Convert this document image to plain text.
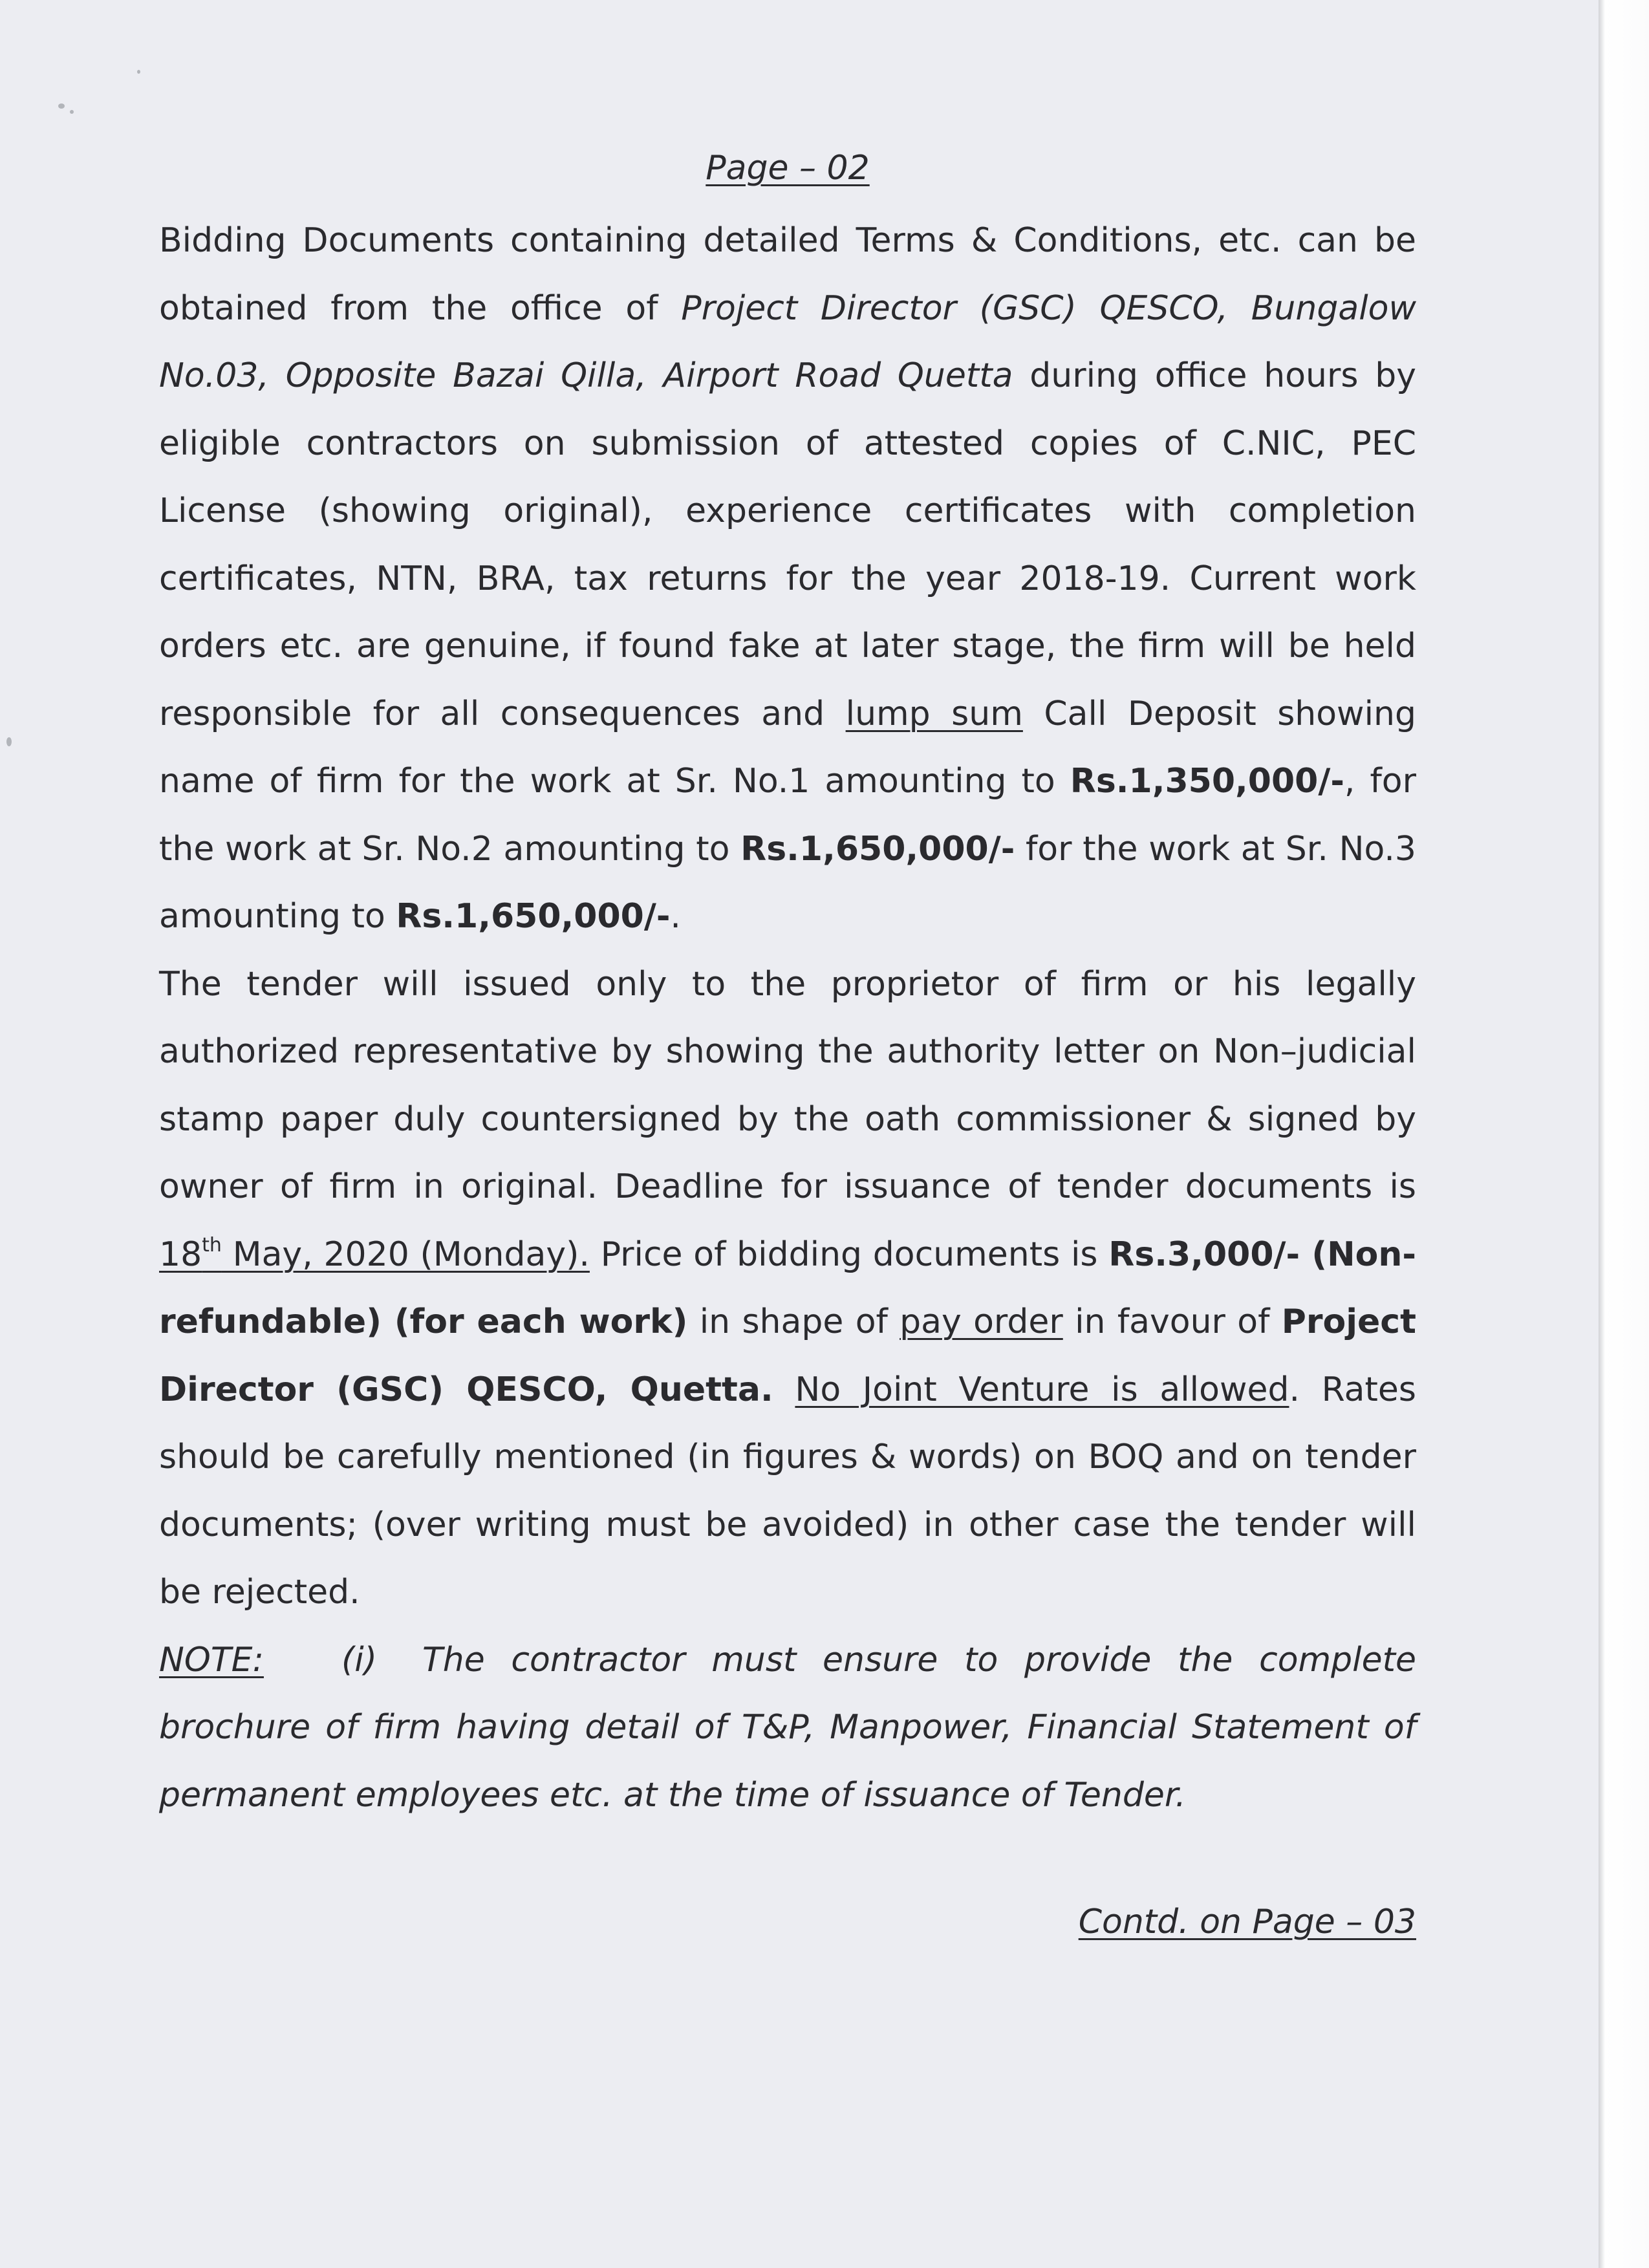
Page – 02

Bidding Documents containing detailed Terms & Conditions, etc. can be obtained from the office of Project Director (GSC) QESCO, Bungalow No.03, Opposite Bazai Qilla, Airport Road Quetta during office hours by eligible contractors on submission of attested copies of C.NIC, PEC License (showing original), experience certificates with completion certificates, NTN, BRA, tax returns for the year 2018-19. Current work orders etc. are genuine, if found fake at later stage, the firm will be held responsible for all consequences and lump sum Call Deposit showing name of firm for the work at Sr. No.1 amounting to Rs.1,350,000/-, for the work at Sr. No.2 amounting to Rs.1,650,000/- for the work at Sr. No.3 amounting to Rs.1,650,000/-.

The tender will issued only to the proprietor of firm or his legally authorized representative by showing the authority letter on Non–judicial stamp paper duly countersigned by the oath commissioner & signed by owner of firm in original. Deadline for issuance of tender documents is 18th May, 2020 (Monday). Price of bidding documents is Rs.3,000/- (Non-refundable) (for each work) in shape of pay order in favour of Project Director (GSC) QESCO, Quetta. No Joint Venture is allowed. Rates should be carefully mentioned (in figures & words) on BOQ and on tender documents; (over writing must be avoided) in other case the tender will be rejected.

NOTE: (i) The contractor must ensure to provide the complete brochure of firm having detail of T&P, Manpower, Financial Statement of permanent employees etc. at the time of issuance of Tender.

Contd. on Page – 03
